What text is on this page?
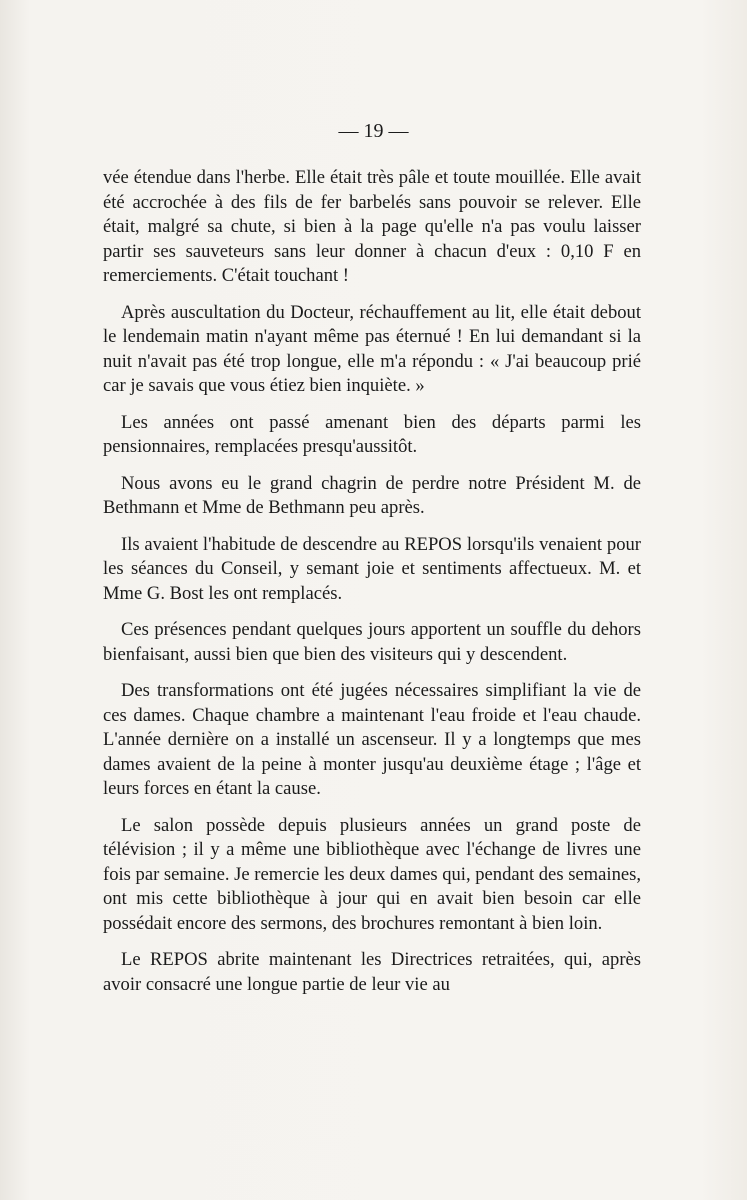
— 19 —

vée étendue dans l'herbe. Elle était très pâle et toute mouillée. Elle avait été accrochée à des fils de fer barbelés sans pouvoir se relever. Elle était, malgré sa chute, si bien à la page qu'elle n'a pas voulu laisser partir ses sauveteurs sans leur donner à chacun d'eux : 0,10 F en remerciements. C'était touchant !

Après auscultation du Docteur, réchauffement au lit, elle était debout le lendemain matin n'ayant même pas éternué ! En lui demandant si la nuit n'avait pas été trop longue, elle m'a répondu : « J'ai beaucoup prié car je savais que vous étiez bien inquiète. »

Les années ont passé amenant bien des départs parmi les pensionnaires, remplacées presqu'aussitôt.

Nous avons eu le grand chagrin de perdre notre Président M. de Bethmann et Mme de Bethmann peu après.

Ils avaient l'habitude de descendre au REPOS lorsqu'ils venaient pour les séances du Conseil, y semant joie et sentiments affectueux. M. et Mme G. Bost les ont remplacés.

Ces présences pendant quelques jours apportent un souffle du dehors bienfaisant, aussi bien que bien des visiteurs qui y descendent.

Des transformations ont été jugées nécessaires simplifiant la vie de ces dames. Chaque chambre a maintenant l'eau froide et l'eau chaude. L'année dernière on a installé un ascenseur. Il y a longtemps que mes dames avaient de la peine à monter jusqu'au deuxième étage ; l'âge et leurs forces en étant la cause.

Le salon possède depuis plusieurs années un grand poste de télévision ; il y a même une bibliothèque avec l'échange de livres une fois par semaine. Je remercie les deux dames qui, pendant des semaines, ont mis cette bibliothèque à jour qui en avait bien besoin car elle possédait encore des sermons, des brochures remontant à bien loin.

Le REPOS abrite maintenant les Directrices retraitées, qui, après avoir consacré une longue partie de leur vie au
